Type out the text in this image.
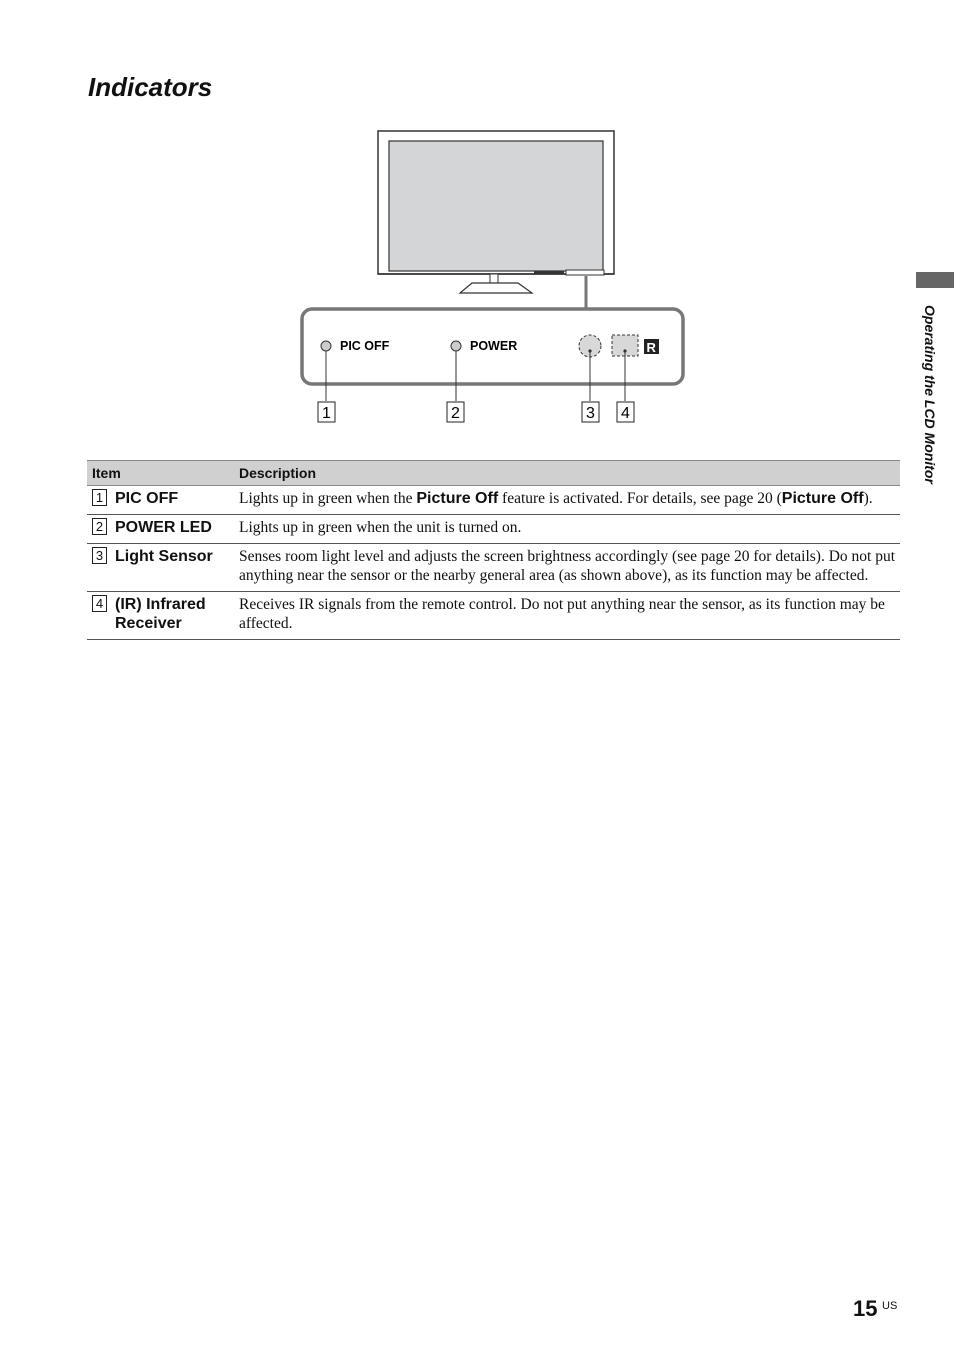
Indicators
Operating the LCD Monitor
PIC OFF	POWER	R
1	2	3 4
Item	Description

1 PIC OFF	Lights up in green when the Picture Off feature is activated. For details, see page 20 (Picture Off).

2 POWER LED	Lights up in green when the unit is turned on.

3 Light Sensor	Senses room light level and adjusts the screen brightness accordingly (see page 20 for details). Do not put anything near the sensor or the nearby general area (as shown above), as its function may be affected.

4 (IR) Infrared
Receiver	Receives IR signals from the remote control. Do not put anything near the sensor, as its function may be affected.
15 US
